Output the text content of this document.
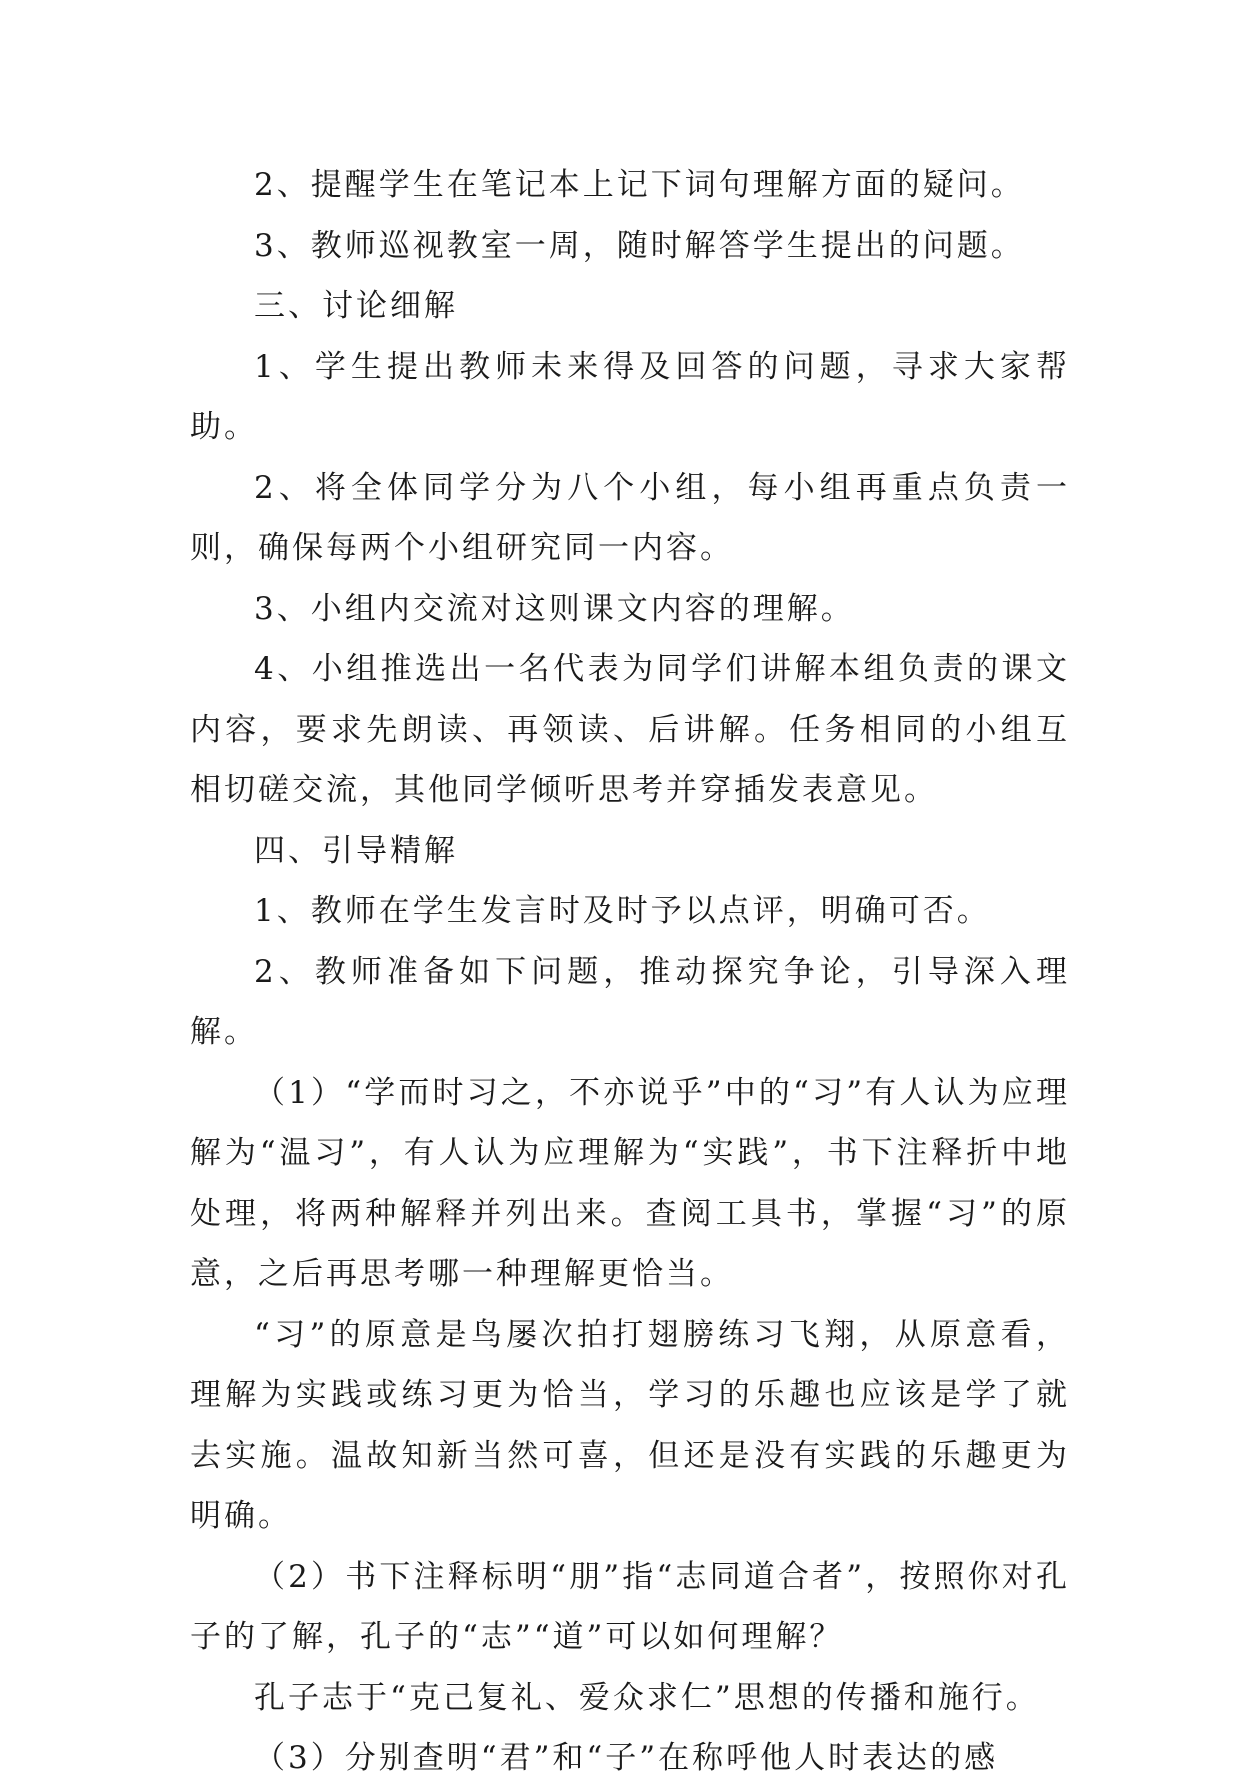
2、提醒学生在笔记本上记下词句理解方面的疑问。

3、教师巡视教室一周，随时解答学生提出的问题。

三、讨论细解

1、学生提出教师未来得及回答的问题，寻求大家帮助。

2、将全体同学分为八个小组，每小组再重点负责一则，确保每两个小组研究同一内容。

3、小组内交流对这则课文内容的理解。

4、小组推选出一名代表为同学们讲解本组负责的课文内容，要求先朗读、再领读、后讲解。任务相同的小组互相切磋交流，其他同学倾听思考并穿插发表意见。

四、引导精解

1、教师在学生发言时及时予以点评，明确可否。

2、教师准备如下问题，推动探究争论，引导深入理解。

（1）“学而时习之，不亦说乎”中的“习”有人认为应理解为“温习”，有人认为应理解为“实践”，书下注释折中地处理，将两种解释并列出来。查阅工具书，掌握“习”的原意，之后再思考哪一种理解更恰当。

“习”的原意是鸟屡次拍打翅膀练习飞翔，从原意看，理解为实践或练习更为恰当，学习的乐趣也应该是学了就去实施。温故知新当然可喜，但还是没有实践的乐趣更为明确。

（2）书下注释标明“朋”指“志同道合者”，按照你对孔子的了解，孔子的“志”“道”可以如何理解？

孔子志于“克己复礼、爱众求仁”思想的传播和施行。

（3）分别查明“君”和“子”在称呼他人时表达的感
